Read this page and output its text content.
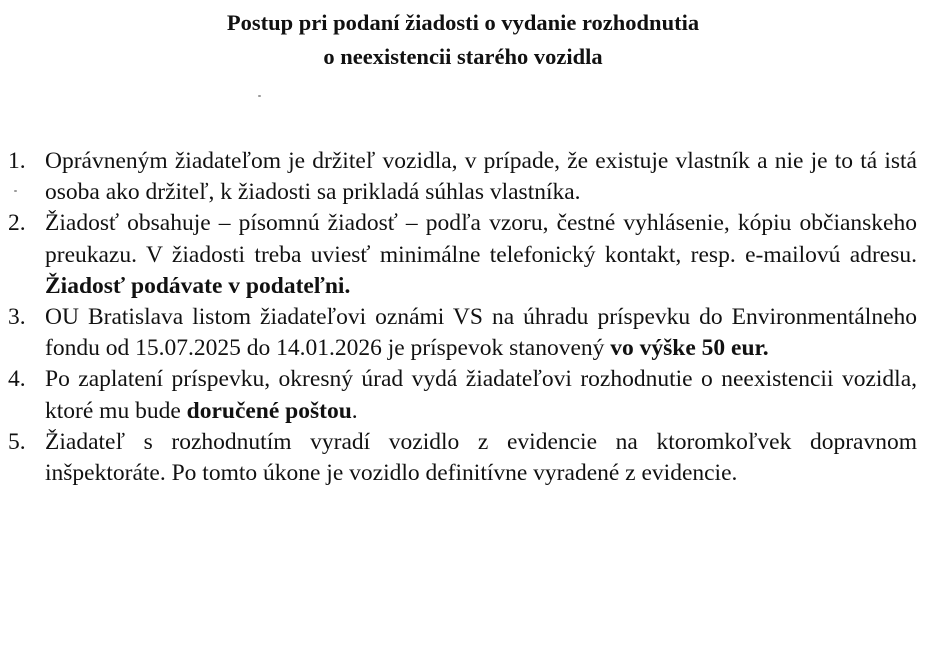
Postup pri podaní žiadosti o vydanie rozhodnutia
o neexistencii starého vozidla
1. Oprávneným žiadateľom je držiteľ vozidla, v prípade, že existuje vlastník a nie je to tá istá osoba ako držiteľ, k žiadosti sa prikladá súhlas vlastníka.
2. Žiadosť obsahuje – písomnú žiadosť – podľa vzoru, čestné vyhlásenie, kópiu občianskeho preukazu. V žiadosti treba uviesť minimálne telefonický kontakt, resp. e-mailovú adresu. Žiadosť podávate v podateľni.
3. OU Bratislava listom žiadateľovi oznámi VS na úhradu príspevku do Environmentálneho fondu od 15.07.2025 do 14.01.2026 je príspevok stanovený vo výške 50 eur.
4. Po zaplatení príspevku, okresný úrad vydá žiadateľovi rozhodnutie o neexistencii vozidla, ktoré mu bude doručené poštou.
5. Žiadateľ s rozhodnutím vyradí vozidlo z evidencie na ktoromkoľvek dopravnom inšpektoráte. Po tomto úkone je vozidlo definitívne vyradené z evidencie.
